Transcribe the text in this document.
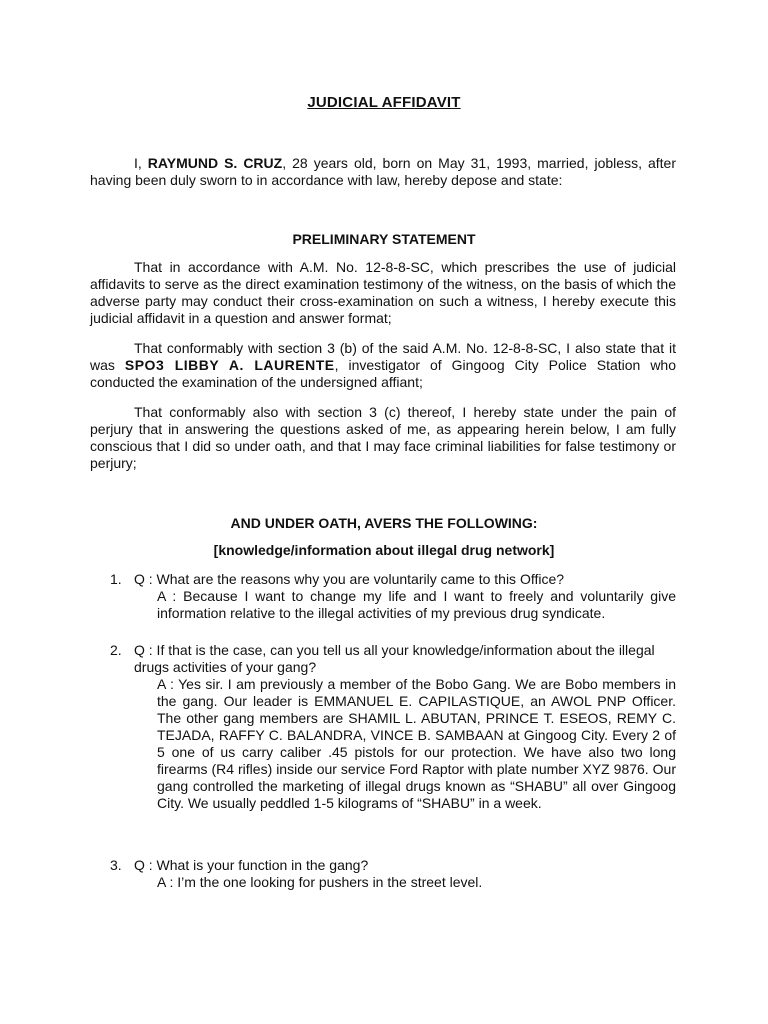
JUDICIAL AFFIDAVIT

I, RAYMUND S. CRUZ, 28 years old, born on May 31, 1993, married, jobless, after having been duly sworn to in accordance with law, hereby depose and state:

PRELIMINARY STATEMENT

That in accordance with A.M. No. 12-8-8-SC, which prescribes the use of judicial affidavits to serve as the direct examination testimony of the witness, on the basis of which the adverse party may conduct their cross-examination on such a witness, I hereby execute this judicial affidavit in a question and answer format;

That conformably with section 3 (b) of the said A.M. No. 12-8-8-SC, I also state that it was SPO3 LIBBY A. LAURENTE, investigator of Gingoog City Police Station who conducted the examination of the undersigned affiant;

That conformably also with section 3 (c) thereof, I hereby state under the pain of perjury that in answering the questions asked of me, as appearing herein below, I am fully conscious that I did so under oath, and that I may face criminal liabilities for false testimony or perjury;

AND UNDER OATH, AVERS THE FOLLOWING:
[knowledge/information about illegal drug network]
1. Q : What are the reasons why you are voluntarily came to this Office?
A : Because I want to change my life and I want to freely and voluntarily give information relative to the illegal activities of my previous drug syndicate.
2. Q : If that is the case, can you tell us all your knowledge/information about the illegal drugs activities of your gang?
A : Yes sir. I am previously a member of the Bobo Gang. We are Bobo members in the gang. Our leader is EMMANUEL E. CAPILASTIQUE, an AWOL PNP Officer. The other gang members are SHAMIL L. ABUTAN, PRINCE T. ESEOS, REMY C. TEJADA, RAFFY C. BALANDRA, VINCE B. SAMBAAN at Gingoog City. Every 2 of 5 one of us carry caliber .45 pistols for our protection. We have also two long firearms (R4 rifles) inside our service Ford Raptor with plate number XYZ 9876. Our gang controlled the marketing of illegal drugs known as “SHABU” all over Gingoog City. We usually peddled 1-5 kilograms of “SHABU” in a week.
3. Q : What is your function in the gang?
A : I’m the one looking for pushers in the street level.
